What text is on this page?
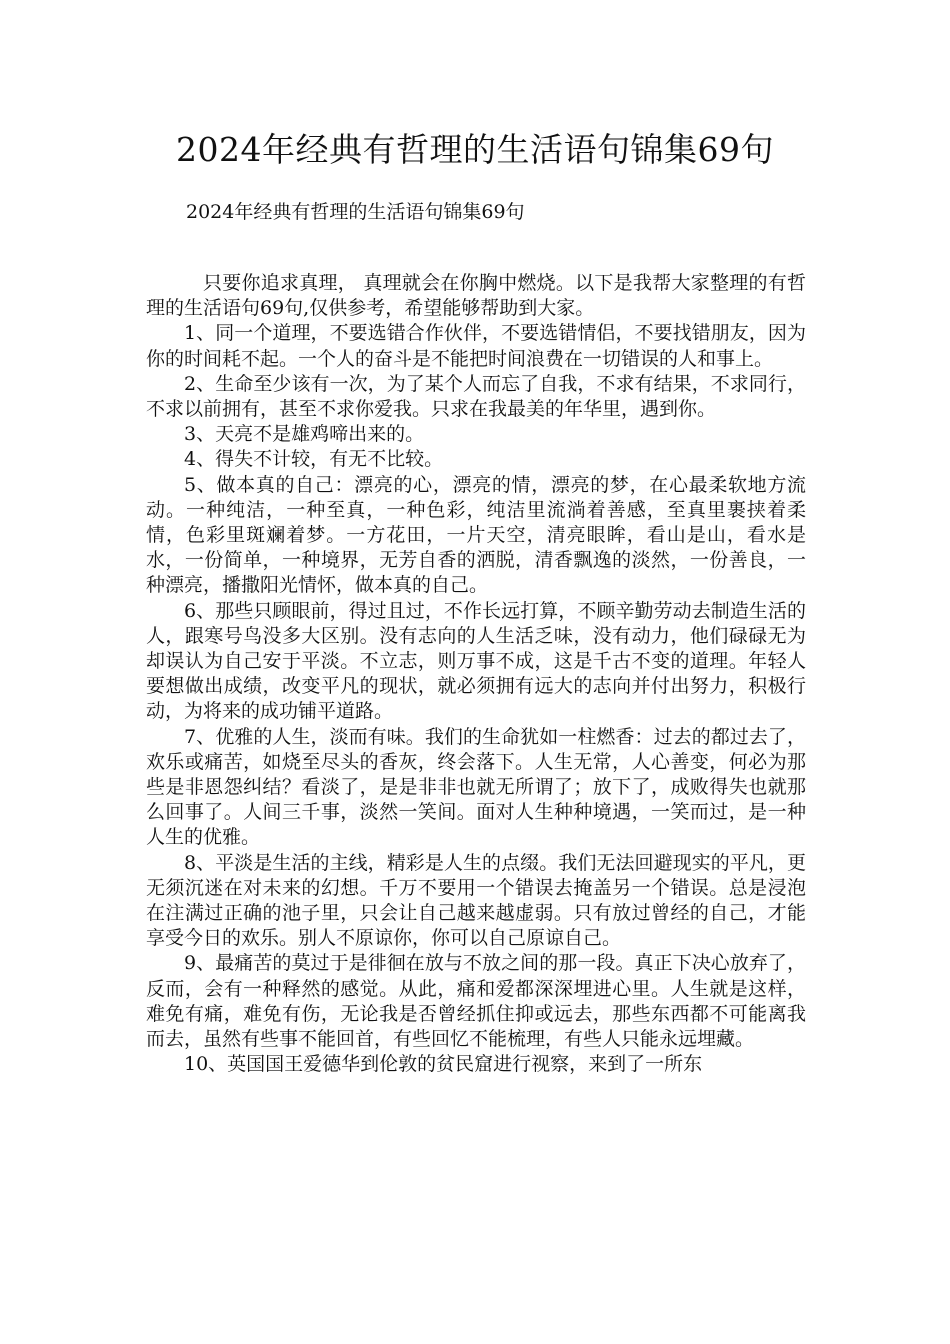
2024年经典有哲理的生活语句锦集69句
2024年经典有哲理的生活语句锦集69句

只要你追求真理， 真理就会在你胸中燃烧。以下是我帮大家整理的有哲理的生活语句69句,仅供参考，希望能够帮助到大家。

1、同一个道理，不要选错合作伙伴，不要选错情侣，不要找错朋友，因为你的时间耗不起。一个人的奋斗是不能把时间浪费在一切错误的人和事上。

2、生命至少该有一次，为了某个人而忘了自我，不求有结果，不求同行，不求以前拥有，甚至不求你爱我。只求在我最美的年华里，遇到你。

3、天亮不是雄鸡啼出来的。

4、得失不计较，有无不比较。

5、做本真的自己：漂亮的心，漂亮的情，漂亮的梦，在心最柔软地方流动。一种纯洁，一种至真，一种色彩，纯洁里流淌着善感，至真里裹挟着柔情，色彩里斑斓着梦。一方花田，一片天空，清亮眼眸，看山是山，看水是水，一份简单，一种境界，无芳自香的洒脱，清香飘逸的淡然，一份善良，一种漂亮，播撒阳光情怀，做本真的自己。

6、那些只顾眼前，得过且过，不作长远打算，不顾辛勤劳动去制造生活的人，跟寒号鸟没多大区别。没有志向的人生活乏味，没有动力，他们碌碌无为却误认为自己安于平淡。不立志，则万事不成，这是千古不变的道理。年轻人要想做出成绩，改变平凡的现状，就必须拥有远大的志向并付出努力，积极行动，为将来的成功铺平道路。

7、优雅的人生，淡而有味。我们的生命犹如一柱燃香：过去的都过去了，欢乐或痛苦，如烧至尽头的香灰，终会落下。人生无常，人心善变，何必为那些是非恩怨纠结？看淡了，是是非非也就无所谓了；放下了，成败得失也就那么回事了。人间三千事，淡然一笑间。面对人生种种境遇，一笑而过，是一种人生的优雅。

8、平淡是生活的主线，精彩是人生的点缀。我们无法回避现实的平凡，更无须沉迷在对未来的幻想。千万不要用一个错误去掩盖另一个错误。总是浸泡在注满过正确的池子里，只会让自己越来越虚弱。只有放过曾经的自己，才能享受今日的欢乐。别人不原谅你，你可以自己原谅自己。

9、最痛苦的莫过于是徘徊在放与不放之间的那一段。真正下决心放弃了，反而，会有一种释然的感觉。从此，痛和爱都深深埋进心里。人生就是这样，难免有痛，难免有伤，无论我是否曾经抓住抑或远去，那些东西都不可能离我而去，虽然有些事不能回首，有些回忆不能梳理，有些人只能永远埋藏。

10、英国国王爱德华到伦敦的贫民窟进行视察，来到了一所东
